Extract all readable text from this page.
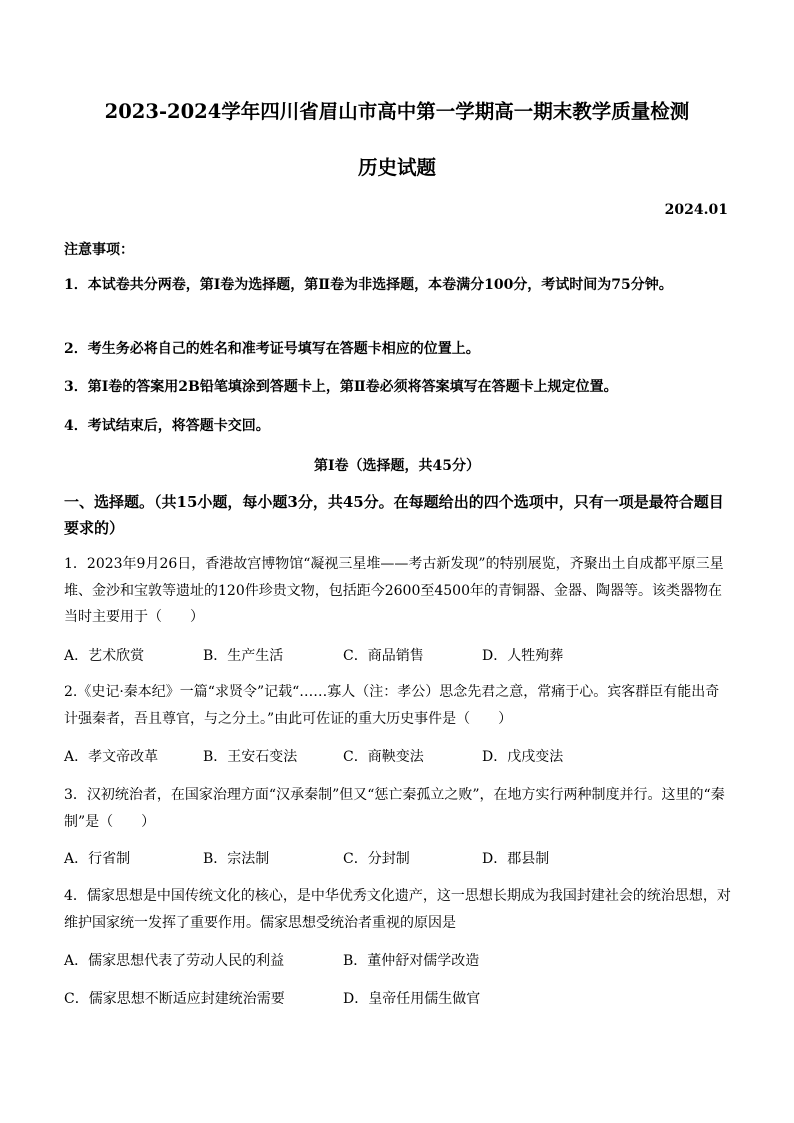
2023-2024学年四川省眉山市高中第一学期高一期末教学质量检测
历史试题
2024.01
注意事项：
1．本试卷共分两卷，第Ⅰ卷为选择题，第Ⅱ卷为非选择题，本卷满分100分，考试时间为75分钟。
2．考生务必将自己的姓名和准考证号填写在答题卡相应的位置上。
3．第Ⅰ卷的答案用2B铅笔填涂到答题卡上，第Ⅱ卷必须将答案填写在答题卡上规定位置。
4．考试结束后，将答题卡交回。
第Ⅰ卷（选择题，共45分）
一、选择题。（共15小题，每小题3分，共45分。在每题给出的四个选项中，只有一项是最符合题目要求的）
1．2023年9月26日，香港故宫博物馆“凝视三星堆——考古新发现”的特别展览，齐聚出土自成都平原三星堆、金沙和宝敦等遗址的120件珍贵文物，包括距今2600至4500年的青铜器、金器、陶器等。该类器物在当时主要用于（　　）
A．艺术欣赏	B．生产生活	C．商品销售	D．人牲殉葬
2.《史记·秦本纪》一篇“求贤令”记载“……寡人（注：孝公）思念先君之意，常痛于心。宾客群臣有能出奇计强秦者，吾且尊官，与之分土。”由此可佐证的重大历史事件是（　　）
A．孝文帝改革	B．王安石变法	C．商鞅变法	D．戊戌变法
3．汉初统治者，在国家治理方面“汉承秦制”但又“惩亡秦孤立之败”，在地方实行两种制度并行。这里的“秦制”是（　　）
A．行省制	B．宗法制	C．分封制	D．郡县制
4．儒家思想是中国传统文化的核心，是中华优秀文化遗产，这一思想长期成为我国封建社会的统治思想，对维护国家统一发挥了重要作用。儒家思想受统治者重视的原因是
A．儒家思想代表了劳动人民的利益	B．董仲舒对儒学改造
C．儒家思想不断适应封建统治需要	D．皇帝任用儒生做官
